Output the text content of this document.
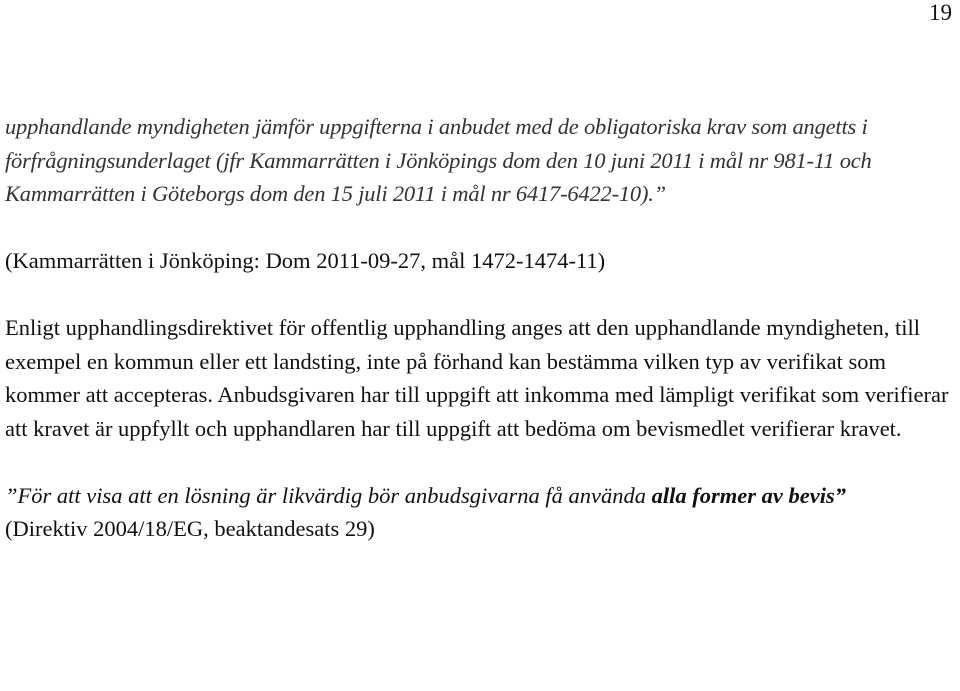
19

upphandlande myndigheten jämför uppgifterna i anbudet med de obligatoriska krav som angetts i förfrågningsunderlaget (jfr Kammarrätten i Jönköpings dom den 10 juni 2011 i mål nr 981-11 och Kammarrätten i Göteborgs dom den 15 juli 2011 i mål nr 6417-6422-10).”

(Kammarrätten i Jönköping: Dom 2011-09-27, mål 1472-1474-11)

Enligt upphandlingsdirektivet för offentlig upphandling anges att den upphandlande myndigheten, till exempel en kommun eller ett landsting, inte på förhand kan bestämma vilken typ av verifikat som kommer att accepteras. Anbudsgivaren har till uppgift att inkomma med lämpligt verifikat som verifierar att kravet är uppfyllt och upphandlaren har till uppgift att bedöma om bevismedlet verifierar kravet.

”För att visa att en lösning är likvärdig bör anbudsgivarna få använda alla former av bevis”

(Direktiv 2004/18/EG, beaktandesats 29)
